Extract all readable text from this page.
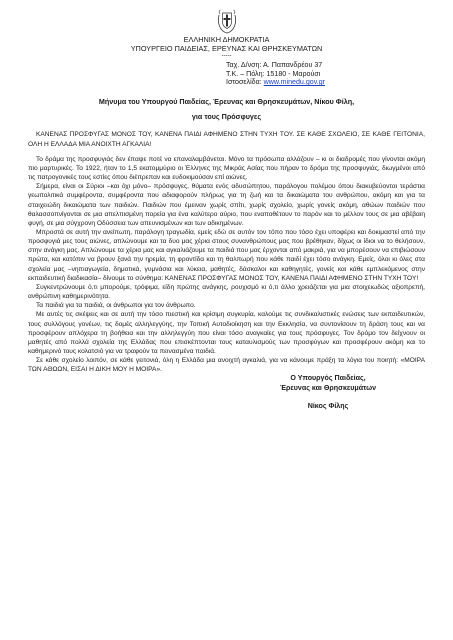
ΕΛΛΗΝΙΚΗ ΔΗΜΟΚΡΑΤΙΑ
ΥΠΟΥΡΓΕΙΟ ΠΑΙΔΕΙΑΣ, ΕΡΕΥΝΑΣ ΚΑΙ ΘΡΗΣΚΕΥΜΑΤΩΝ
-----
Ταχ. Δ/νση: Α. Παπανδρέου 37
Τ.Κ. – Πόλη: 15180 - Μαρούσι
Ιστοσελίδα: www.minedu.gov.gr
Μήνυμα του Υπουργού Παιδείας, Έρευνας και Θρησκευμάτων, Νίκου Φίλη,
για τους Πρόσφυγες

ΚΑΝΕΝΑΣ ΠΡΟΣΦΥΓΑΣ ΜΟΝΟΣ ΤΟΥ, ΚΑΝΕΝΑ ΠΑΙΔΙ ΑΦΗΜΕΝΟ ΣΤΗΝ ΤΥΧΗ ΤΟΥ. ΣΕ ΚΑΘΕ ΣΧΟΛΕΙΟ, ΣΕ ΚΑΘΕ ΓΕΙΤΟΝΙΑ, ΟΛΗ Η ΕΛΛΑΔΑ ΜΙΑ ΑΝΟΙΧΤΗ ΑΓΚΑΛΙΑ!

Το δράμα της προσφυγιάς δεν έπαψε ποτέ να επαναλαμβάνεται. Μόνο τα πρόσωπα αλλάζουν – κι οι διαδρομές που γίνονται ακόμη πιο μαρτυρικές. Το 1922, ήταν το 1,5 εκατομμύριο οι Έλληνες της Μικράς Ασίας που πήραν το δρόμο της προσφυγιάς, διωγμένοι από τις πατρογονικές τους εστίες όπου διέπρεπαν και ευδοκιμούσαν επί αιώνες.

Σήμερα, είναι οι Σύριοι –και όχι μόνο– πρόσφυγες, θύματα ενός αδυσώπητου, παράλογου πολέμου όπου διακυβεύονται τεράστια γεωπολιτικά συμφέροντα, συμφέροντα που αδιαφορούν πλήρως για τη ζωή και τα δικαιώματα του ανθρώπου, ακόμη και για τα στοιχειώδη δικαιώματα των παιδιών. Παιδιών που έμειναν χωρίς σπίτι, χωρίς σχολείο, χωρίς γονείς ακόμη, αθώων παιδιών που θαλασσοπνίγονται σε μια απελπισμένη πορεία για ένα καλύτερο αύριο, που εναποθέτουν το παρόν και το μέλλον τους σε μια αβέβαιη φυγή, σε μια σύγχρονη Οδύσσεια των απευνισμένων και των αδικημένων.

Μπροστά σε αυτή την ανείπωτη, παράλογη τραγωδία, εμείς εδώ σε αυτόν τον τόπο που τόσο έχει υποφέρει και δοκιμαστεί από την προσφυγιά μες τους αιώνες, απλώνουμε και τα δυο μας χέρια στους συνανθρώπους μας που βρέθηκαν, δίχως οι ίδιοι να το θελήσουν, στην ανάγκη μας. Απλώνουμε τα χέρια μας και αγκαλιάζουμε τα παιδιά που μας έρχονται από μακριά, για να μπορέσουν να επιβιώσουν πρώτα, και κατόπιν να βρουν ξανά την ηρεμία, τη φροντίδα και τη θαλπωρή που κάθε παιδί έχει τόσο ανάγκη. Εμείς, όλοι κι όλες στα σχολεία μας –νηπιαγωγεία, δημοτικά, γυμνάσια και λύκεια, μαθητές, δάσκαλοι και καθηγητές, γονείς και κάθε εμπλεκόμενος στην εκπαιδευτική διαδικασία– δίνουμε το σύνθημα: ΚΑΝΕΝΑΣ ΠΡΟΣΦΥΓΑΣ ΜΟΝΟΣ ΤΟΥ, ΚΑΝΕΝΑ ΠΑΙΔΙ ΑΦΗΜΕΝΟ ΣΤΗΝ ΤΥΧΗ ΤΟΥ!

Συγκεντρώνουμε ό,τι μπορούμε, τρόφιμα, είδη πρώτης ανάγκης, ρουχισμό κι ό,τι άλλο χρειάζεται για μια στοιχειωδώς αξιοπρεπή, ανθρώπινη καθημερινότητα.

Τα παιδιά για τα παιδιά, οι άνθρωποι για τον άνθρωπο.

Με αυτές τις σκέψεις και σε αυτή την τόσο πιεστική και κρίσιμη συγκυρία, καλούμε τις συνδικαλιστικές ενώσεις των εκπαιδευτικών, τους συλλόγους γονέων, τις δομές αλληλεγγύης, την Τοπική Αυτοδιοίκηση και την Εκκλησία, να συντονίσουν τη δράση τους και να προσφέρουν απλόχερα τη βοήθεια και την αλληλεγγύη που είναι τόσο αναγκαίες για τους πρόσφυγες. Τον δρόμο τον δείχνουν οι μαθητές από πολλά σχολεία της Ελλάδας που επισκέπτονται τους καταυλισμούς των προσφύγων και προσφέρουν ακόμη και το καθημερινό τους κολατσιό για να τραφούν τα πεινασμένα παιδιά.

Σε κάθε σχολείο λοιπόν, σε κάθε γειτονιά, όλη η Ελλάδα μια ανοιχτή αγκαλιά, για να κάνουμε πράξη τα λόγια του ποιητή: «ΜΟΙΡΑ ΤΩΝ ΑΘΩΩΝ, ΕΙΣΑΙ Η ΔΙΚΗ ΜΟΥ Η ΜΟΙΡΑ».

Ο Υπουργός Παιδείας,
Έρευνας και Θρησκευμάτων
Νίκος Φίλης
